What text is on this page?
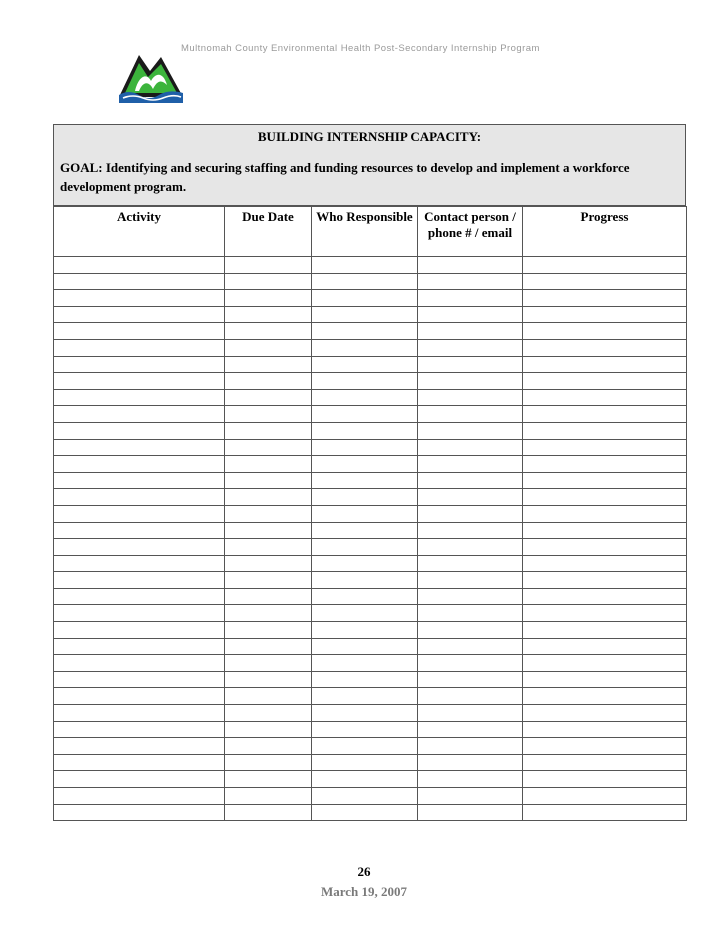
Multnomah County Environmental Health Post-Secondary Internship Program
BUILDING INTERNSHIP CAPACITY:
GOAL: Identifying and securing staffing and funding resources to develop and implement a workforce development program.
Activity	Due Date	Who Responsible	Contact person / phone # / email	Progress

26
March 19, 2007
